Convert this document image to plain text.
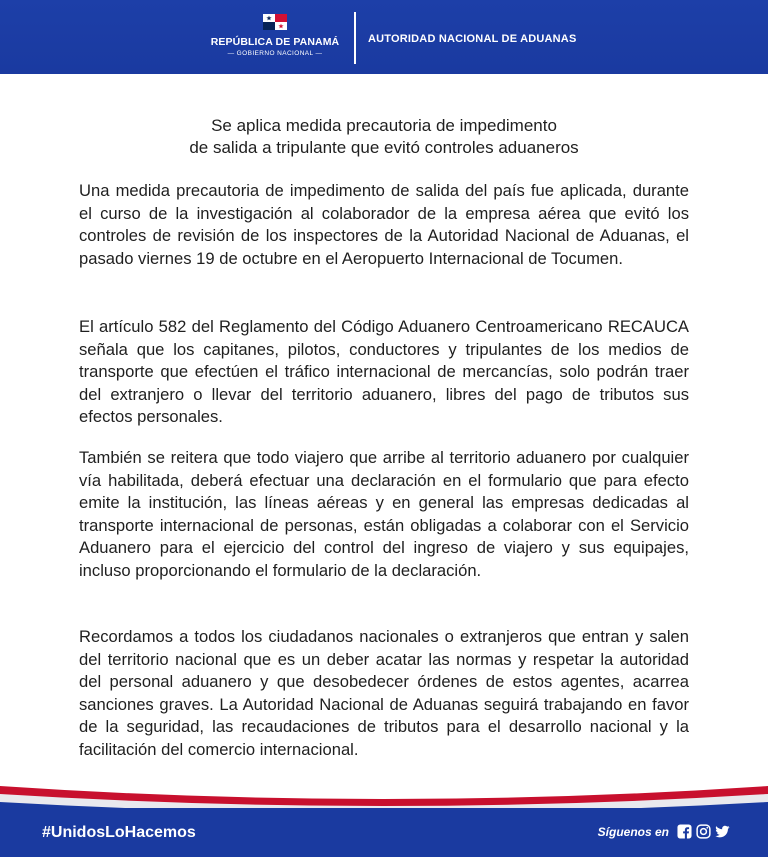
REPÚBLICA DE PANAMÁ
— GOBIERNO NACIONAL —
AUTORIDAD NACIONAL DE ADUANAS
Se aplica medida precautoria de impedimento
de salida a tripulante que evitó controles aduaneros

Una medida precautoria de impedimento de salida del país fue aplicada, durante el curso de la investigación al colaborador de la empresa aérea que evitó los controles de revisión de los inspectores de la Autoridad Nacional de Aduanas, el pasado viernes 19 de octubre en el Aeropuerto Internacional de Tocumen.

El artículo 582 del Reglamento del Código Aduanero Centroamericano RECAUCA señala que los capitanes, pilotos, conductores y tripulantes de los medios de transporte que efectúen el tráfico internacional de mercancías, solo podrán traer del extranjero o llevar del territorio aduanero, libres del pago de tributos sus efectos personales.

También se reitera que todo viajero que arribe al territorio aduanero por cualquier vía habilitada, deberá efectuar una declaración en el formulario que para efecto emite la institución, las líneas aéreas y en general las empresas dedicadas al transporte internacional de personas, están obligadas a colaborar con el Servicio Aduanero para el ejercicio del control del ingreso de viajero y sus equipajes, incluso proporcionando el formulario de la declaración.

Recordamos a todos los ciudadanos nacionales o extranjeros que entran y salen del territorio nacional que es un deber acatar las normas y respetar la autoridad del personal aduanero y que desobedecer órdenes de estos agentes, acarrea sanciones graves. La Autoridad Nacional de Aduanas seguirá trabajando en favor de la seguridad, las recaudaciones de tributos para el desarrollo nacional y la facilitación del comercio internacional.

#UnidosLoHacemos	Síguenos en
